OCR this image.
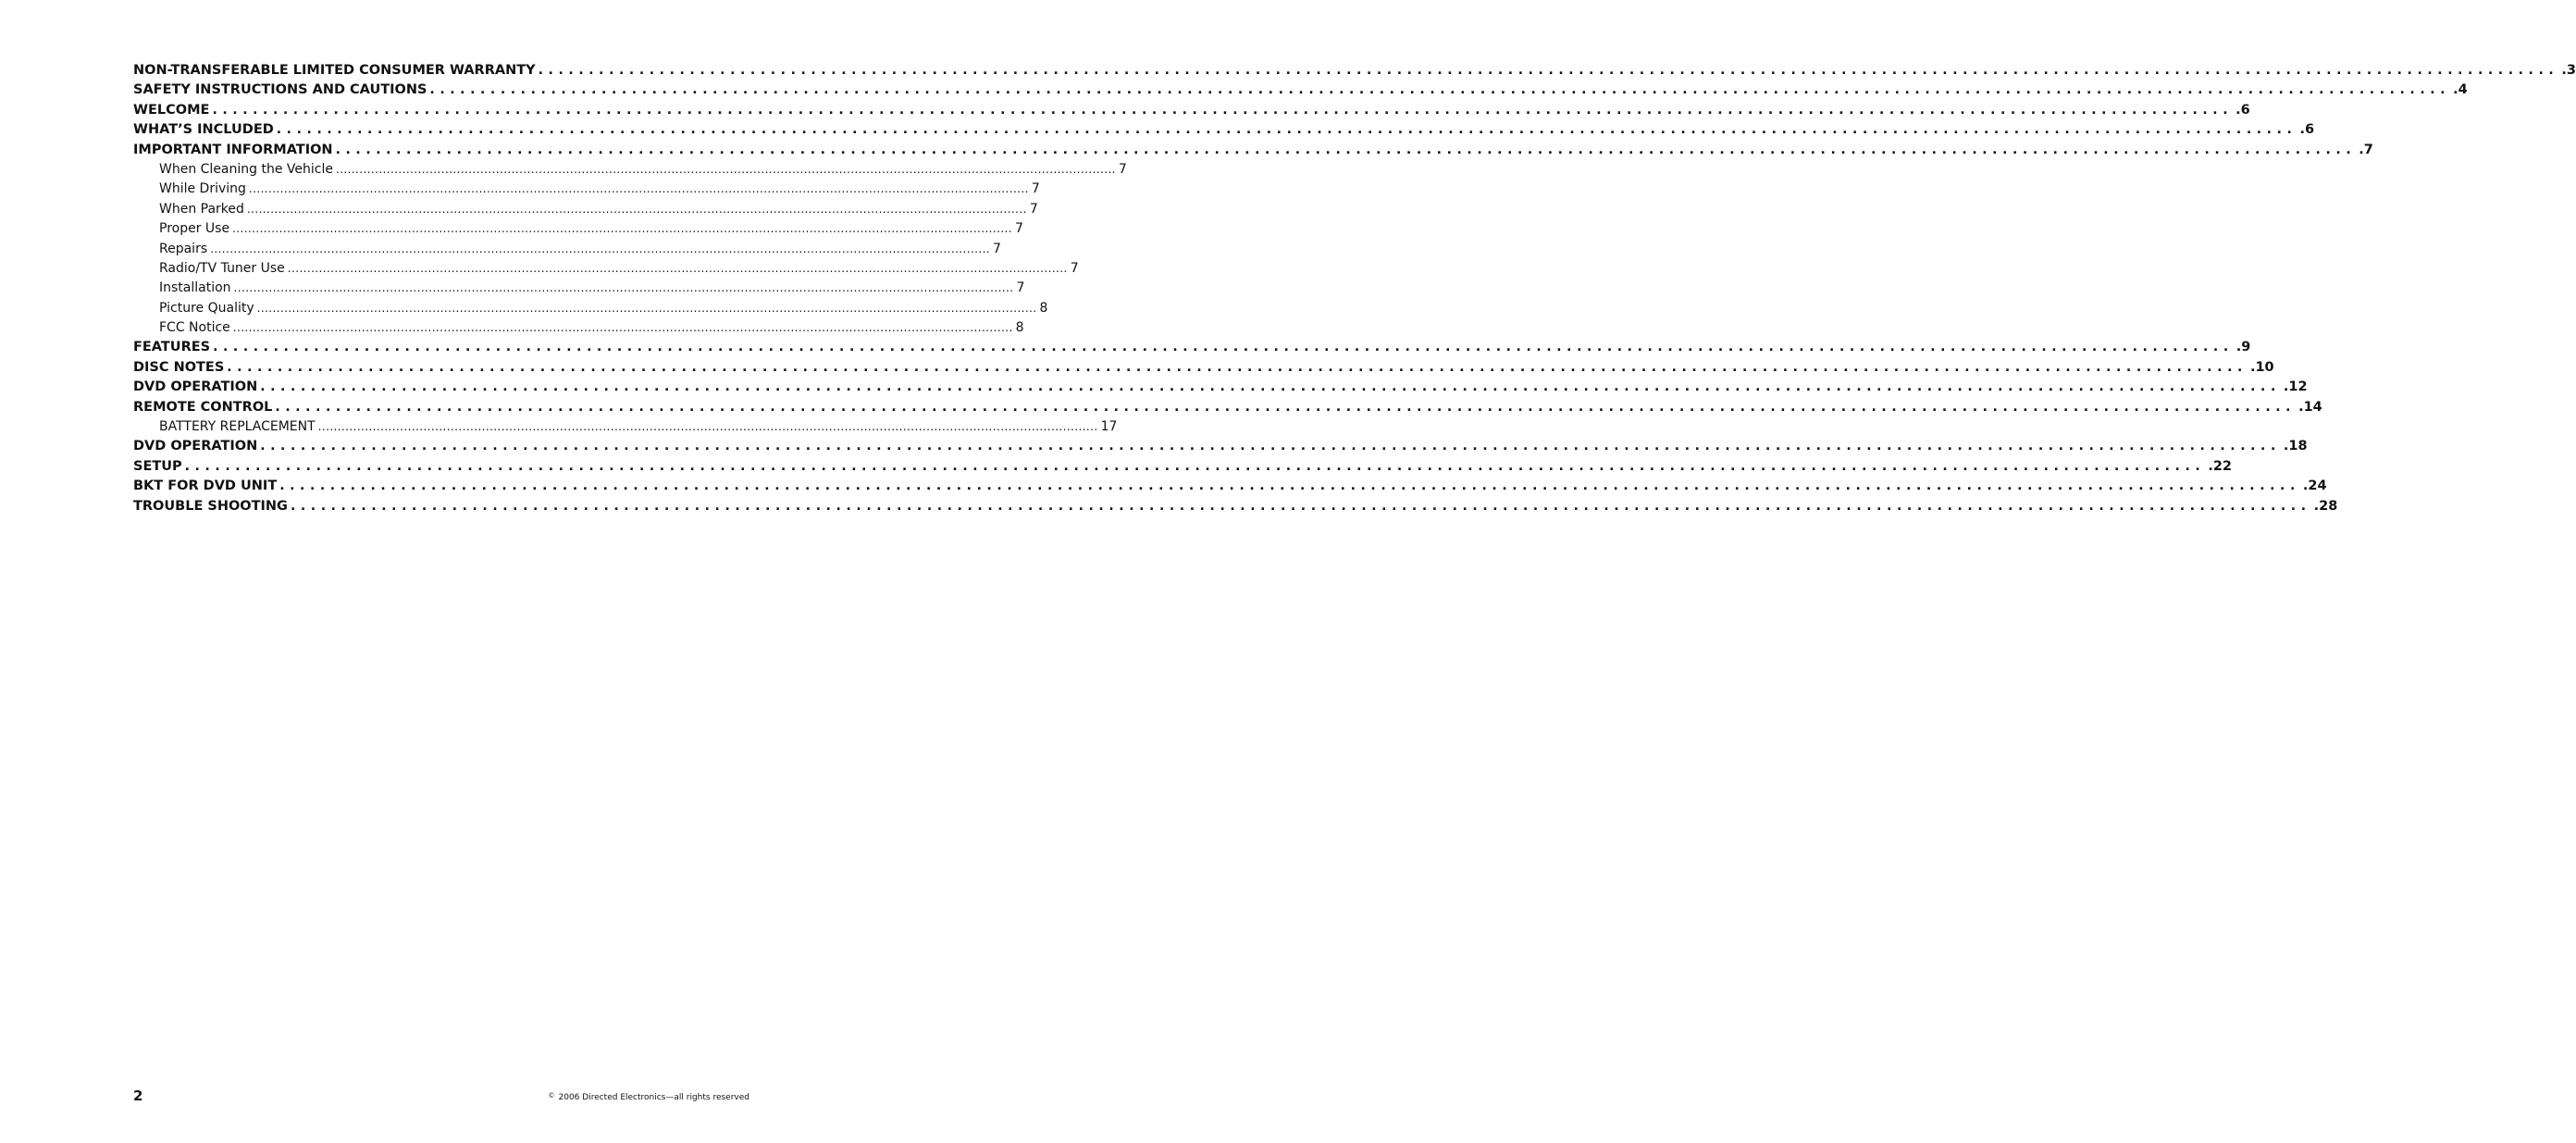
NON-TRANSFERABLE LIMITED CONSUMER WARRANTY ........................................................................................................................................................................................................ .3
SAFETY INSTRUCTIONS AND CAUTIONS ........................................................................................................................................................................................................ .4
WELCOME ........................................................................................................................................................................................................ .6
WHAT’S INCLUDED ........................................................................................................................................................................................................ .6
IMPORTANT INFORMATION ........................................................................................................................................................................................................ .7
When Cleaning the Vehicle ........................................................................................................................................................................................................ 7
While Driving ........................................................................................................................................................................................................ 7
When Parked ........................................................................................................................................................................................................ 7
Proper Use ........................................................................................................................................................................................................ 7
Repairs ........................................................................................................................................................................................................ 7
Radio/TV Tuner Use ........................................................................................................................................................................................................ 7
Installation ........................................................................................................................................................................................................ 7
Picture Quality ........................................................................................................................................................................................................ 8
FCC Notice ........................................................................................................................................................................................................ 8
FEATURES ........................................................................................................................................................................................................ .9
DISC NOTES ........................................................................................................................................................................................................ .10
DVD OPERATION ........................................................................................................................................................................................................ .12
REMOTE CONTROL ........................................................................................................................................................................................................ .14
BATTERY REPLACEMENT ........................................................................................................................................................................................................ 17
DVD OPERATION ........................................................................................................................................................................................................ .18
SETUP ........................................................................................................................................................................................................ .22
BKT FOR DVD UNIT ........................................................................................................................................................................................................ .24
TROUBLE SHOOTING ........................................................................................................................................................................................................ .28
2	© 2006 Directed Electronics—all rights reserved
